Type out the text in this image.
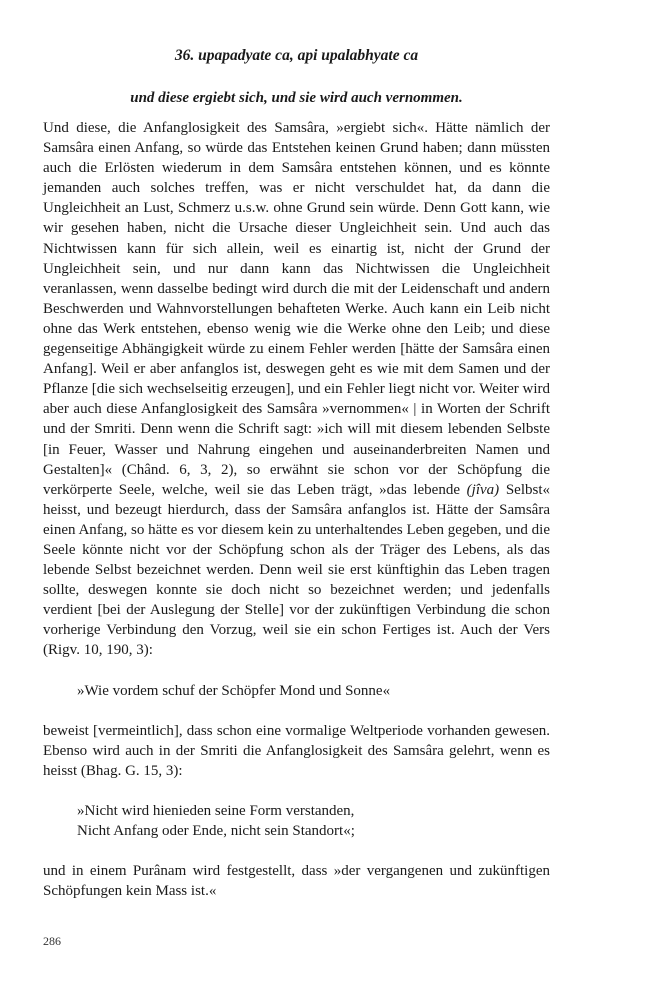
36. upapadyate ca, api upalabhyate ca

und diese ergiebt sich, und sie wird auch vernommen.

Und diese, die Anfanglosigkeit des Samsâra, »ergiebt sich«. Hätte nämlich der Samsâra einen Anfang, so würde das Entstehen keinen Grund haben; dann müssten auch die Erlösten wiederum in dem Samsâra entstehen können, und es könnte jemanden auch solches treffen, was er nicht verschuldet hat, da dann die Ungleichheit an Lust, Schmerz u.s.w. ohne Grund sein würde. Denn Gott kann, wie wir gesehen haben, nicht die Ursache dieser Ungleichheit sein. Und auch das Nichtwissen kann für sich allein, weil es einartig ist, nicht der Grund der Ungleichheit sein, und nur dann kann das Nichtwissen die Ungleichheit veranlassen, wenn dasselbe bedingt wird durch die mit der Leidenschaft und andern Beschwerden und Wahnvorstellungen behafteten Werke. Auch kann ein Leib nicht ohne das Werk entstehen, ebenso wenig wie die Werke ohne den Leib; und diese gegenseitige Abhängigkeit würde zu einem Fehler werden [hätte der Samsâra einen Anfang]. Weil er aber anfanglos ist, deswegen geht es wie mit dem Samen und der Pflanze [die sich wechselseitig erzeugen], und ein Fehler liegt nicht vor. Weiter wird aber auch diese Anfanglosigkeit des Samsâra »vernommen« | in Worten der Schrift und der Smriti. Denn wenn die Schrift sagt: »ich will mit diesem lebenden Selbste [in Feuer, Wasser und Nahrung eingehen und auseinanderbreiten Namen und Gestalten]« (Chând. 6, 3, 2), so erwähnt sie schon vor der Schöpfung die verkörperte Seele, welche, weil sie das Leben trägt, »das lebende (jîva) Selbst« heisst, und bezeugt hierdurch, dass der Samsâra anfanglos ist. Hätte der Samsâra einen Anfang, so hätte es vor diesem kein zu unterhaltendes Leben gegeben, und die Seele könnte nicht vor der Schöpfung schon als der Träger des Lebens, als das lebende Selbst bezeichnet werden. Denn weil sie erst künftighin das Leben tragen sollte, deswegen konnte sie doch nicht so bezeichnet werden; und jedenfalls verdient [bei der Auslegung der Stelle] vor der zukünftigen Verbindung die schon vorherige Verbindung den Vorzug, weil sie ein schon Fertiges ist. Auch der Vers (Rigv. 10, 190, 3):

»Wie vordem schuf der Schöpfer Mond und Sonne«

beweist [vermeintlich], dass schon eine vormalige Weltperiode vorhanden gewesen. Ebenso wird auch in der Smriti die Anfanglosigkeit des Samsâra gelehrt, wenn es heisst (Bhag. G. 15, 3):

»Nicht wird hienieden seine Form verstanden,
Nicht Anfang oder Ende, nicht sein Standort«;

und in einem Purânam wird festgestellt, dass »der vergangenen und zukünftigen Schöpfungen kein Mass ist.«

286
